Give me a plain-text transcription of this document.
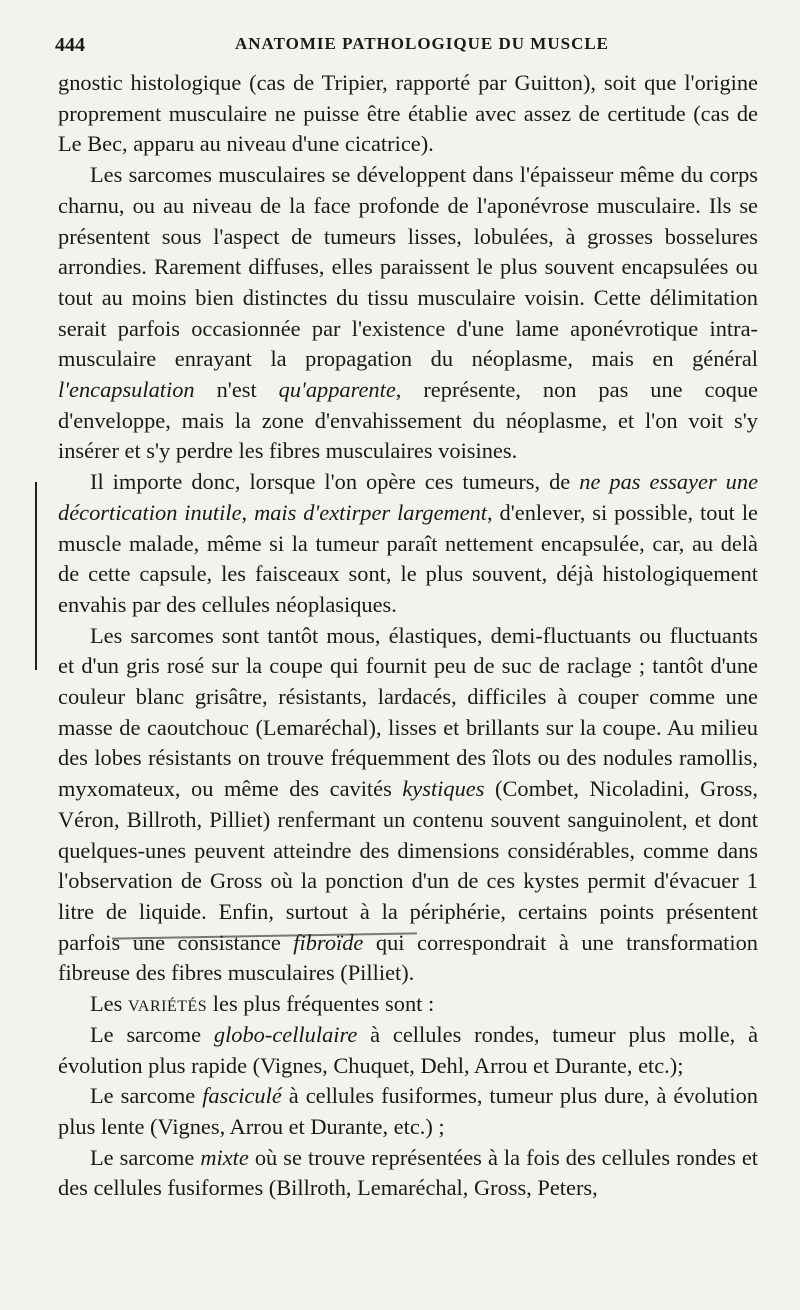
444	ANATOMIE PATHOLOGIQUE DU MUSCLE

gnostic histologique (cas de Tripier, rapporté par Guitton), soit que l'origine proprement musculaire ne puisse être établie avec assez de certitude (cas de Le Bec, apparu au niveau d'une cicatrice).

Les sarcomes musculaires se développent dans l'épaisseur même du corps charnu, ou au niveau de la face profonde de l'aponévrose musculaire. Ils se présentent sous l'aspect de tumeurs lisses, lobulées, à grosses bosselures arrondies. Rarement diffuses, elles paraissent le plus souvent encapsulées ou tout au moins bien distinctes du tissu musculaire voisin. Cette délimitation serait parfois occasionnée par l'existence d'une lame aponévrotique intra-musculaire enrayant la propagation du néoplasme, mais en général l'encapsulation n'est qu'apparente, représente, non pas une coque d'enveloppe, mais la zone d'envahissement du néoplasme, et l'on voit s'y insérer et s'y perdre les fibres musculaires voisines.

Il importe donc, lorsque l'on opère ces tumeurs, de ne pas essayer une décortication inutile, mais d'extirper largement, d'enlever, si possible, tout le muscle malade, même si la tumeur paraît nettement encapsulée, car, au delà de cette capsule, les faisceaux sont, le plus souvent, déjà histologiquement envahis par des cellules néoplasiques.

Les sarcomes sont tantôt mous, élastiques, demi-fluctuants ou fluctuants et d'un gris rosé sur la coupe qui fournit peu de suc de raclage ; tantôt d'une couleur blanc grisâtre, résistants, lardacés, difficiles à couper comme une masse de caoutchouc (Lemaréchal), lisses et brillants sur la coupe. Au milieu des lobes résistants on trouve fréquemment des îlots ou des nodules ramollis, myxomateux, ou même des cavités kystiques (Combet, Nicoladini, Gross, Véron, Billroth, Pilliet) renfermant un contenu souvent sanguinolent, et dont quelques-unes peuvent atteindre des dimensions considérables, comme dans l'observation de Gross où la ponction d'un de ces kystes permit d'évacuer 1 litre de liquide. Enfin, surtout à la périphérie, certains points présentent parfois une consistance fibroïde qui correspondrait à une transformation fibreuse des fibres musculaires (Pilliet).

Les variétés les plus fréquentes sont :

Le sarcome globo-cellulaire à cellules rondes, tumeur plus molle, à évolution plus rapide (Vignes, Chuquet, Dehl, Arrou et Durante, etc.);

Le sarcome fasciculé à cellules fusiformes, tumeur plus dure, à évolution plus lente (Vignes, Arrou et Durante, etc.) ;

Le sarcome mixte où se trouve représentées à la fois des cellules rondes et des cellules fusiformes (Billroth, Lemaréchal, Gross, Peters,
